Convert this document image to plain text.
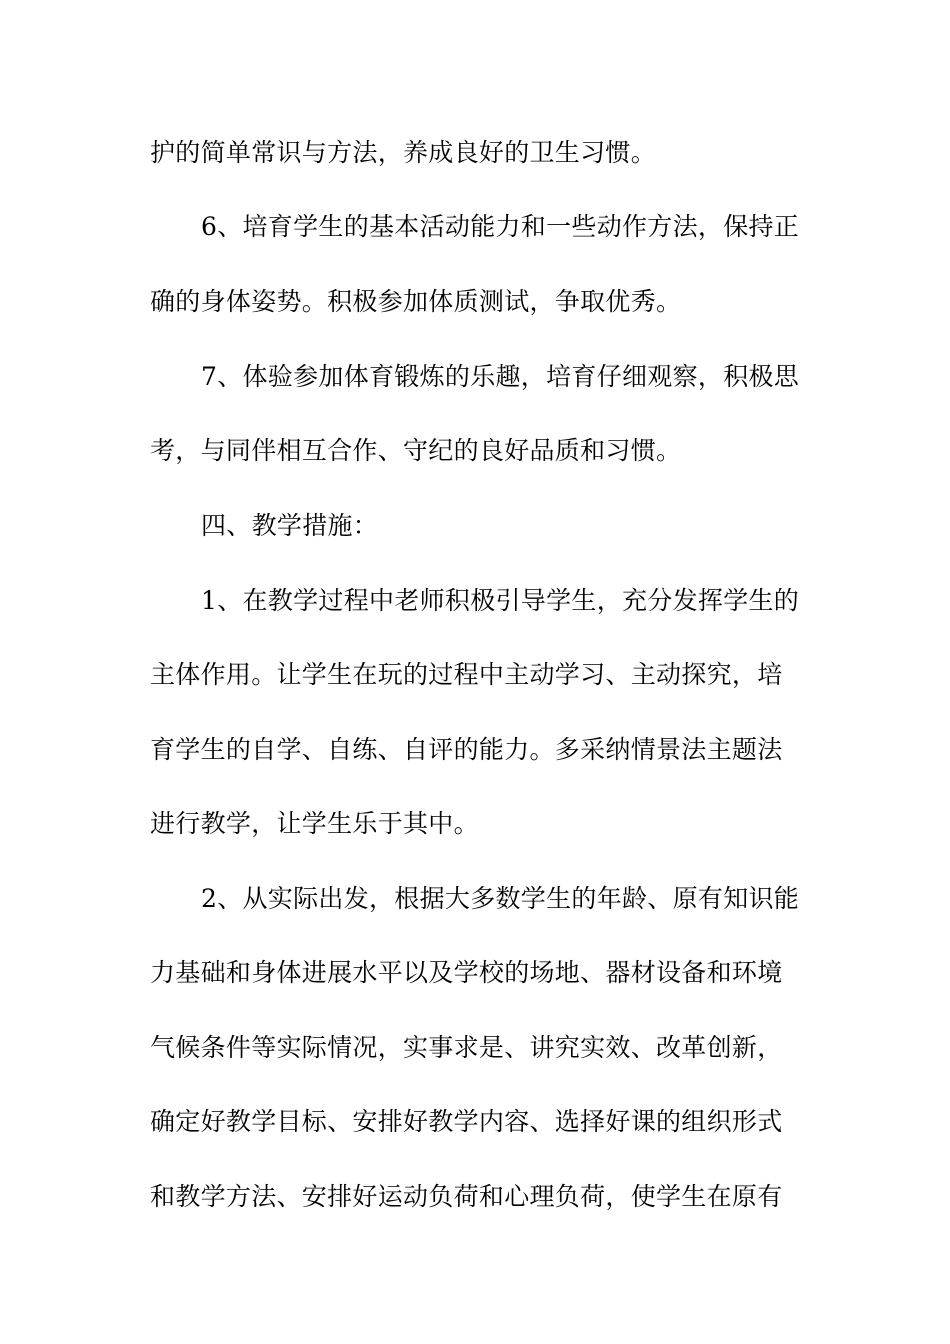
护的简单常识与方法，养成良好的卫生习惯。
6、培育学生的基本活动能力和一些动作方法，保持正
确的身体姿势。积极参加体质测试，争取优秀。
7、体验参加体育锻炼的乐趣，培育仔细观察，积极思
考，与同伴相互合作、守纪的良好品质和习惯。
四、教学措施：
1、在教学过程中老师积极引导学生，充分发挥学生的
主体作用。让学生在玩的过程中主动学习、主动探究，培
育学生的自学、自练、自评的能力。多采纳情景法主题法
进行教学，让学生乐于其中。
2、从实际出发，根据大多数学生的年龄、原有知识能
力基础和身体进展水平以及学校的场地、器材设备和环境
气候条件等实际情况，实事求是、讲究实效、改革创新，
确定好教学目标、安排好教学内容、选择好课的组织形式
和教学方法、安排好运动负荷和心理负荷，使学生在原有
